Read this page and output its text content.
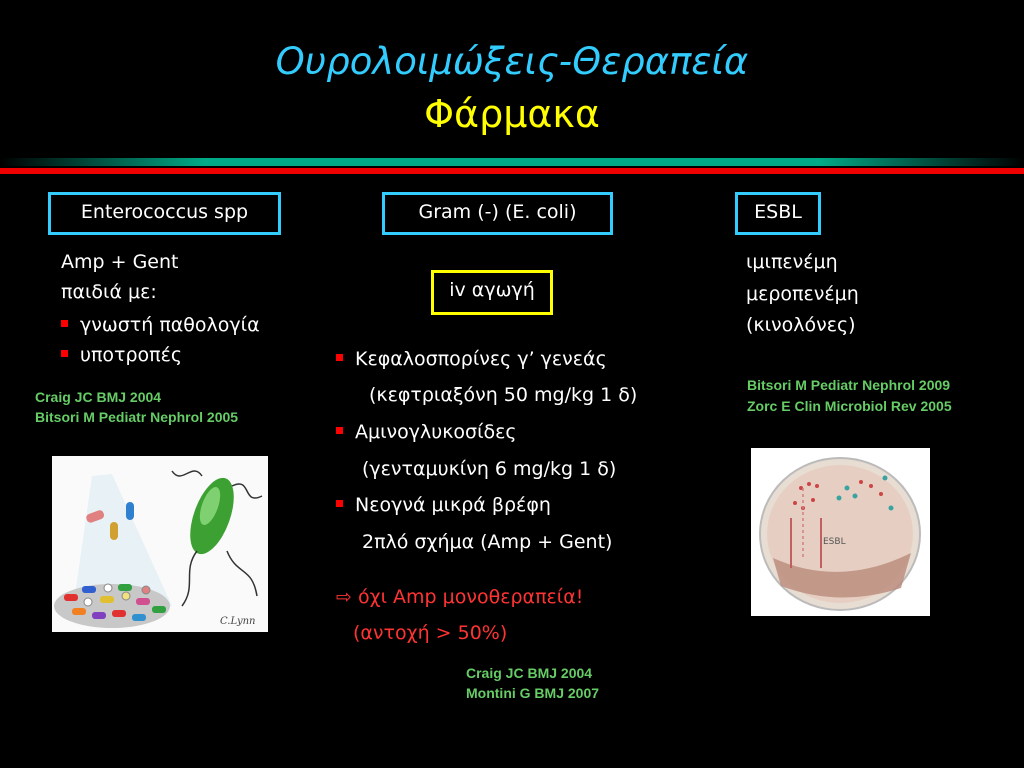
Ουρολοιμώξεις-Θεραπεία
Φάρμακα
Enterococcus spp
Amp + Gent
παιδιά με:
γνωστή παθολογία
υποτροπές
Craig JC BMJ 2004
Bitsori M Pediatr Nephrol 2005
C.Lynn
Gram (-) (E. coli)
iv αγωγή
Κεφαλοσπορίνες γ’ γενεάς
(κεφτριαξόνη 50 mg/kg 1 δ)
Αμινογλυκοσίδες
(γενταμυκίνη 6 mg/kg 1 δ)
Νεογνά μικρά βρέφη
2πλό σχήμα (Amp + Gent)
⇨ όχι Amp μονοθεραπεία!
(αντοχή > 50%)
Craig JC BMJ 2004
Montini G BMJ 2007
ESBL
ιμιπενέμη
μεροπενέμη
(κινολόνες)
Bitsori M Pediatr Nephrol 2009
Zorc E Clin Microbiol Rev 2005
ESBL
